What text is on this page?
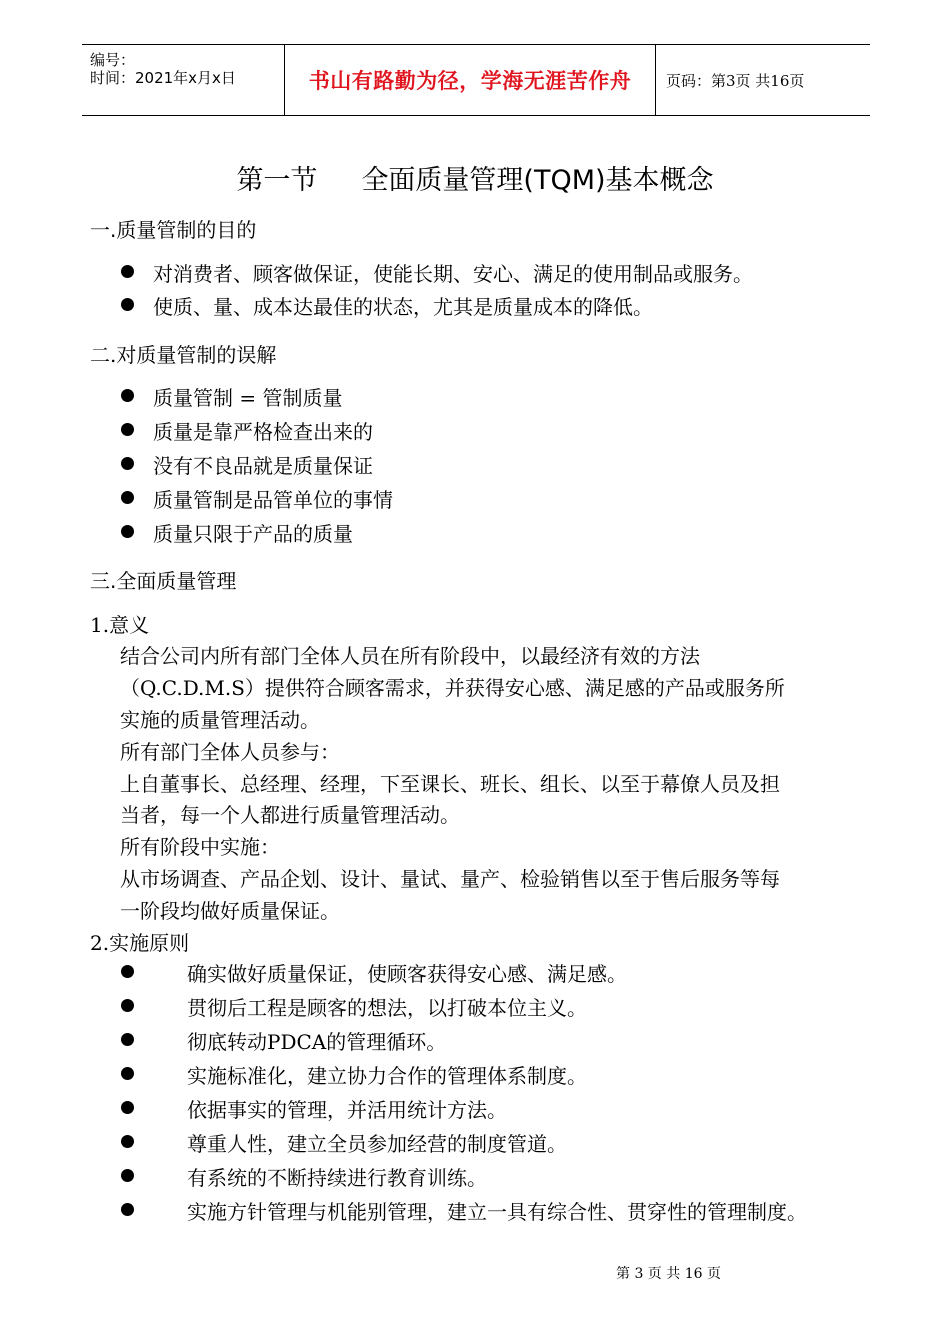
编号：
时间：2021年x月x日	书山有路勤为径，学海无涯苦作舟	页码：第3页 共16页
第一节 全面质量管理(TQM)基本概念
一.质量管制的目的
对消费者、顾客做保证，使能长期、安心、满足的使用制品或服务。
使质、量、成本达最佳的状态，尤其是质量成本的降低。
二.对质量管制的误解
质量管制 = 管制质量
质量是靠严格检查出来的
没有不良品就是质量保证
质量管制是品管单位的事情
质量只限于产品的质量
三.全面质量管理
1.意义
结合公司内所有部门全体人员在所有阶段中，以最经济有效的方法
（Q.C.D.M.S）提供符合顾客需求，并获得安心感、满足感的产品或服务所
实施的质量管理活动。
所有部门全体人员参与：
上自董事长、总经理、经理，下至课长、班长、组长、以至于幕僚人员及担
当者，每一个人都进行质量管理活动。
所有阶段中实施：
从市场调查、产品企划、设计、量试、量产、检验销售以至于售后服务等每
一阶段均做好质量保证。
2.实施原则
确实做好质量保证，使顾客获得安心感、满足感。
贯彻后工程是顾客的想法，以打破本位主义。
彻底转动PDCA的管理循环。
实施标准化，建立协力合作的管理体系制度。
依据事实的管理，并活用统计方法。
尊重人性，建立全员参加经营的制度管道。
有系统的不断持续进行教育训练。
实施方针管理与机能别管理，建立一具有综合性、贯穿性的管理制度。
第 3 页 共 16 页
